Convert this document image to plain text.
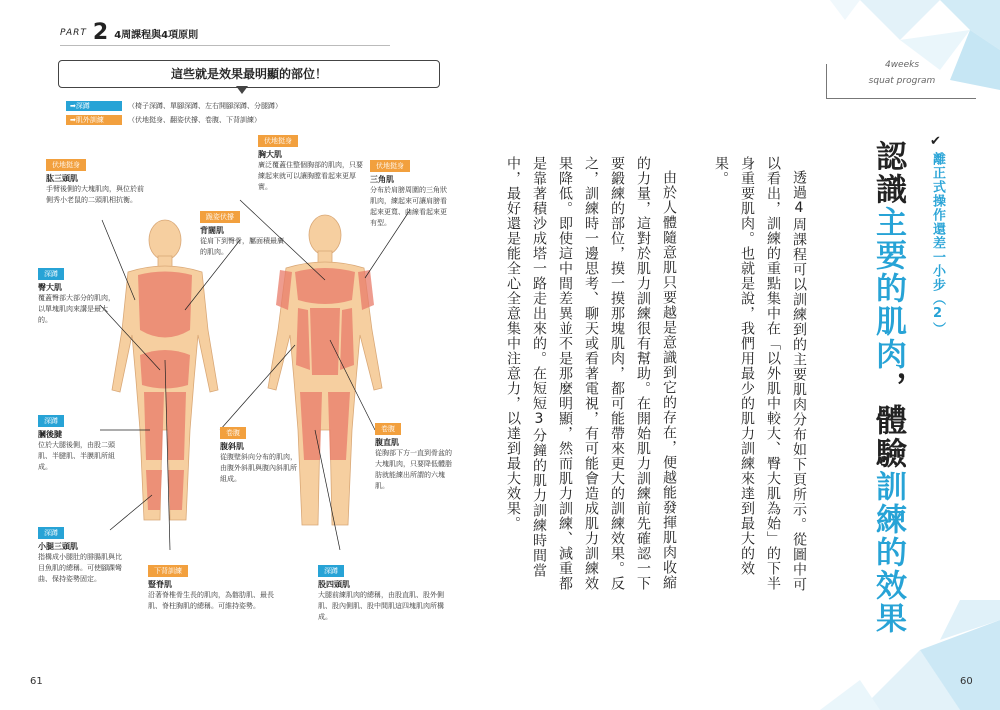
PART 2 4周課程與4項原則
這些就是效果最明顯的部位！
➡深蹲	（椅子深蹲、單腳深蹲、左右開腳深蹲、分腿蹲）
➡肌外訓練	（伏地挺身、翻姿伏撐、卷腹、下背訓練）
伏地挺身
肱三頭肌
手臂後側的大塊肌肉，與位於前側秀小老鼠的二頭肌相抗衡。
伏地挺身
胸大肌
廣泛覆蓋住整個胸部的肌肉，只要練起來就可以讓胸膛看起來更厚實。
伏地挺身
三角肌
分布於肩膀周圍的三角狀肌肉，練起來可讓肩膀看起來更寬、曲線看起來更有型。
跪姿伏撐
背闊肌
從肩下到臀骨，屬面積最廣的肌肉。
深蹲
臀大肌
覆蓋臀部大部分的肌肉，以單塊肌肉來講是最大的。
深蹲
膕後腱
位於大腿後側，由股二頭肌、半腱肌、半膜肌所組成。
卷腹
腹斜肌
從腹壁斜向分布的肌肉，由腹外斜肌與腹內斜肌所組成。
卷腹
腹直肌
從胸部下方一直到骨盆的大塊肌肉，只要降低體脂肪就能練出所謂的六塊肌。
深蹲
小腿三頭肌
指構成小腿肚的腓腸肌與比目魚肌的總稱。可使腳踝彎曲、保持姿勢固定。
下背訓練
豎脊肌
沿著脊椎骨生長的肌肉，為髂肋肌、最長肌、脊柱胸肌的總稱。可維持姿勢。
深蹲
股四頭肌
大腿前練肌肉的總稱，由股直肌、股外側肌、股內側肌、股中間肌這四塊肌肉所構成。
4weeks
squat program
✔
離正式操作還差一小步（2）
認識主要的肌肉，體驗訓練的效果

透過4周課程可以訓練到的主要肌肉分布如下頁所示。從圖中可以看出，訓練的重點集中在「以外肌中較大、臀大肌為始」的下半身重要肌肉。也就是說，我們用最少的肌力訓練來達到最大的效果。

由於人體隨意肌只要越是意識到它的存在，便越能發揮肌肉收縮的力量，這對於肌力訓練很有幫助。在開始肌力訓練前先確認一下要鍛練的部位，摸一摸那塊肌肉，都可能帶來更大的訓練效果。反之，訓練時一邊思考、聊天或看著電視，有可能會造成肌力訓練效果降低。即使這中間差異並不是那麼明顯，然而肌力訓練、減重都是靠著積沙成塔一路走出來的。在短短3分鐘的肌力訓練時間當中，最好還是能全心全意集中注意力，以達到最大效果。

61	60
